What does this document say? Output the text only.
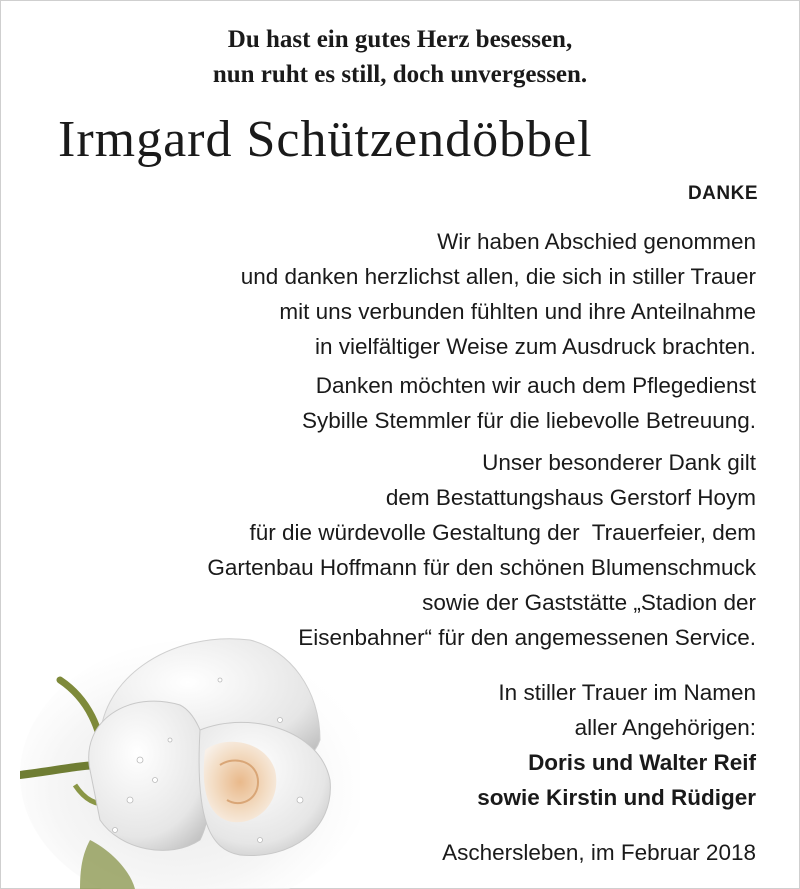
Du hast ein gutes Herz besessen,
nun ruht es still, doch unvergessen.
Irmgard Schützendöbbel
DANKE
Wir haben Abschied genommen
und danken herzlichst allen, die sich in stiller Trauer
mit uns verbunden fühlten und ihre Anteilnahme
in vielfältiger Weise zum Ausdruck brachten.
Danken möchten wir auch dem Pflegedienst
Sybille Stemmler für die liebevolle Betreuung.
Unser besonderer Dank gilt
dem Bestattungshaus Gerstorf Hoym
für die würdevolle Gestaltung der  Trauerfeier, dem
Gartenbau Hoffmann für den schönen Blumenschmuck
sowie der Gaststätte „Stadion der
Eisenbahner“ für den angemessenen Service.
In stiller Trauer im Namen
aller Angehörigen:
Doris und Walter Reif
sowie Kirstin und Rüdiger
Aschersleben, im Februar 2018
